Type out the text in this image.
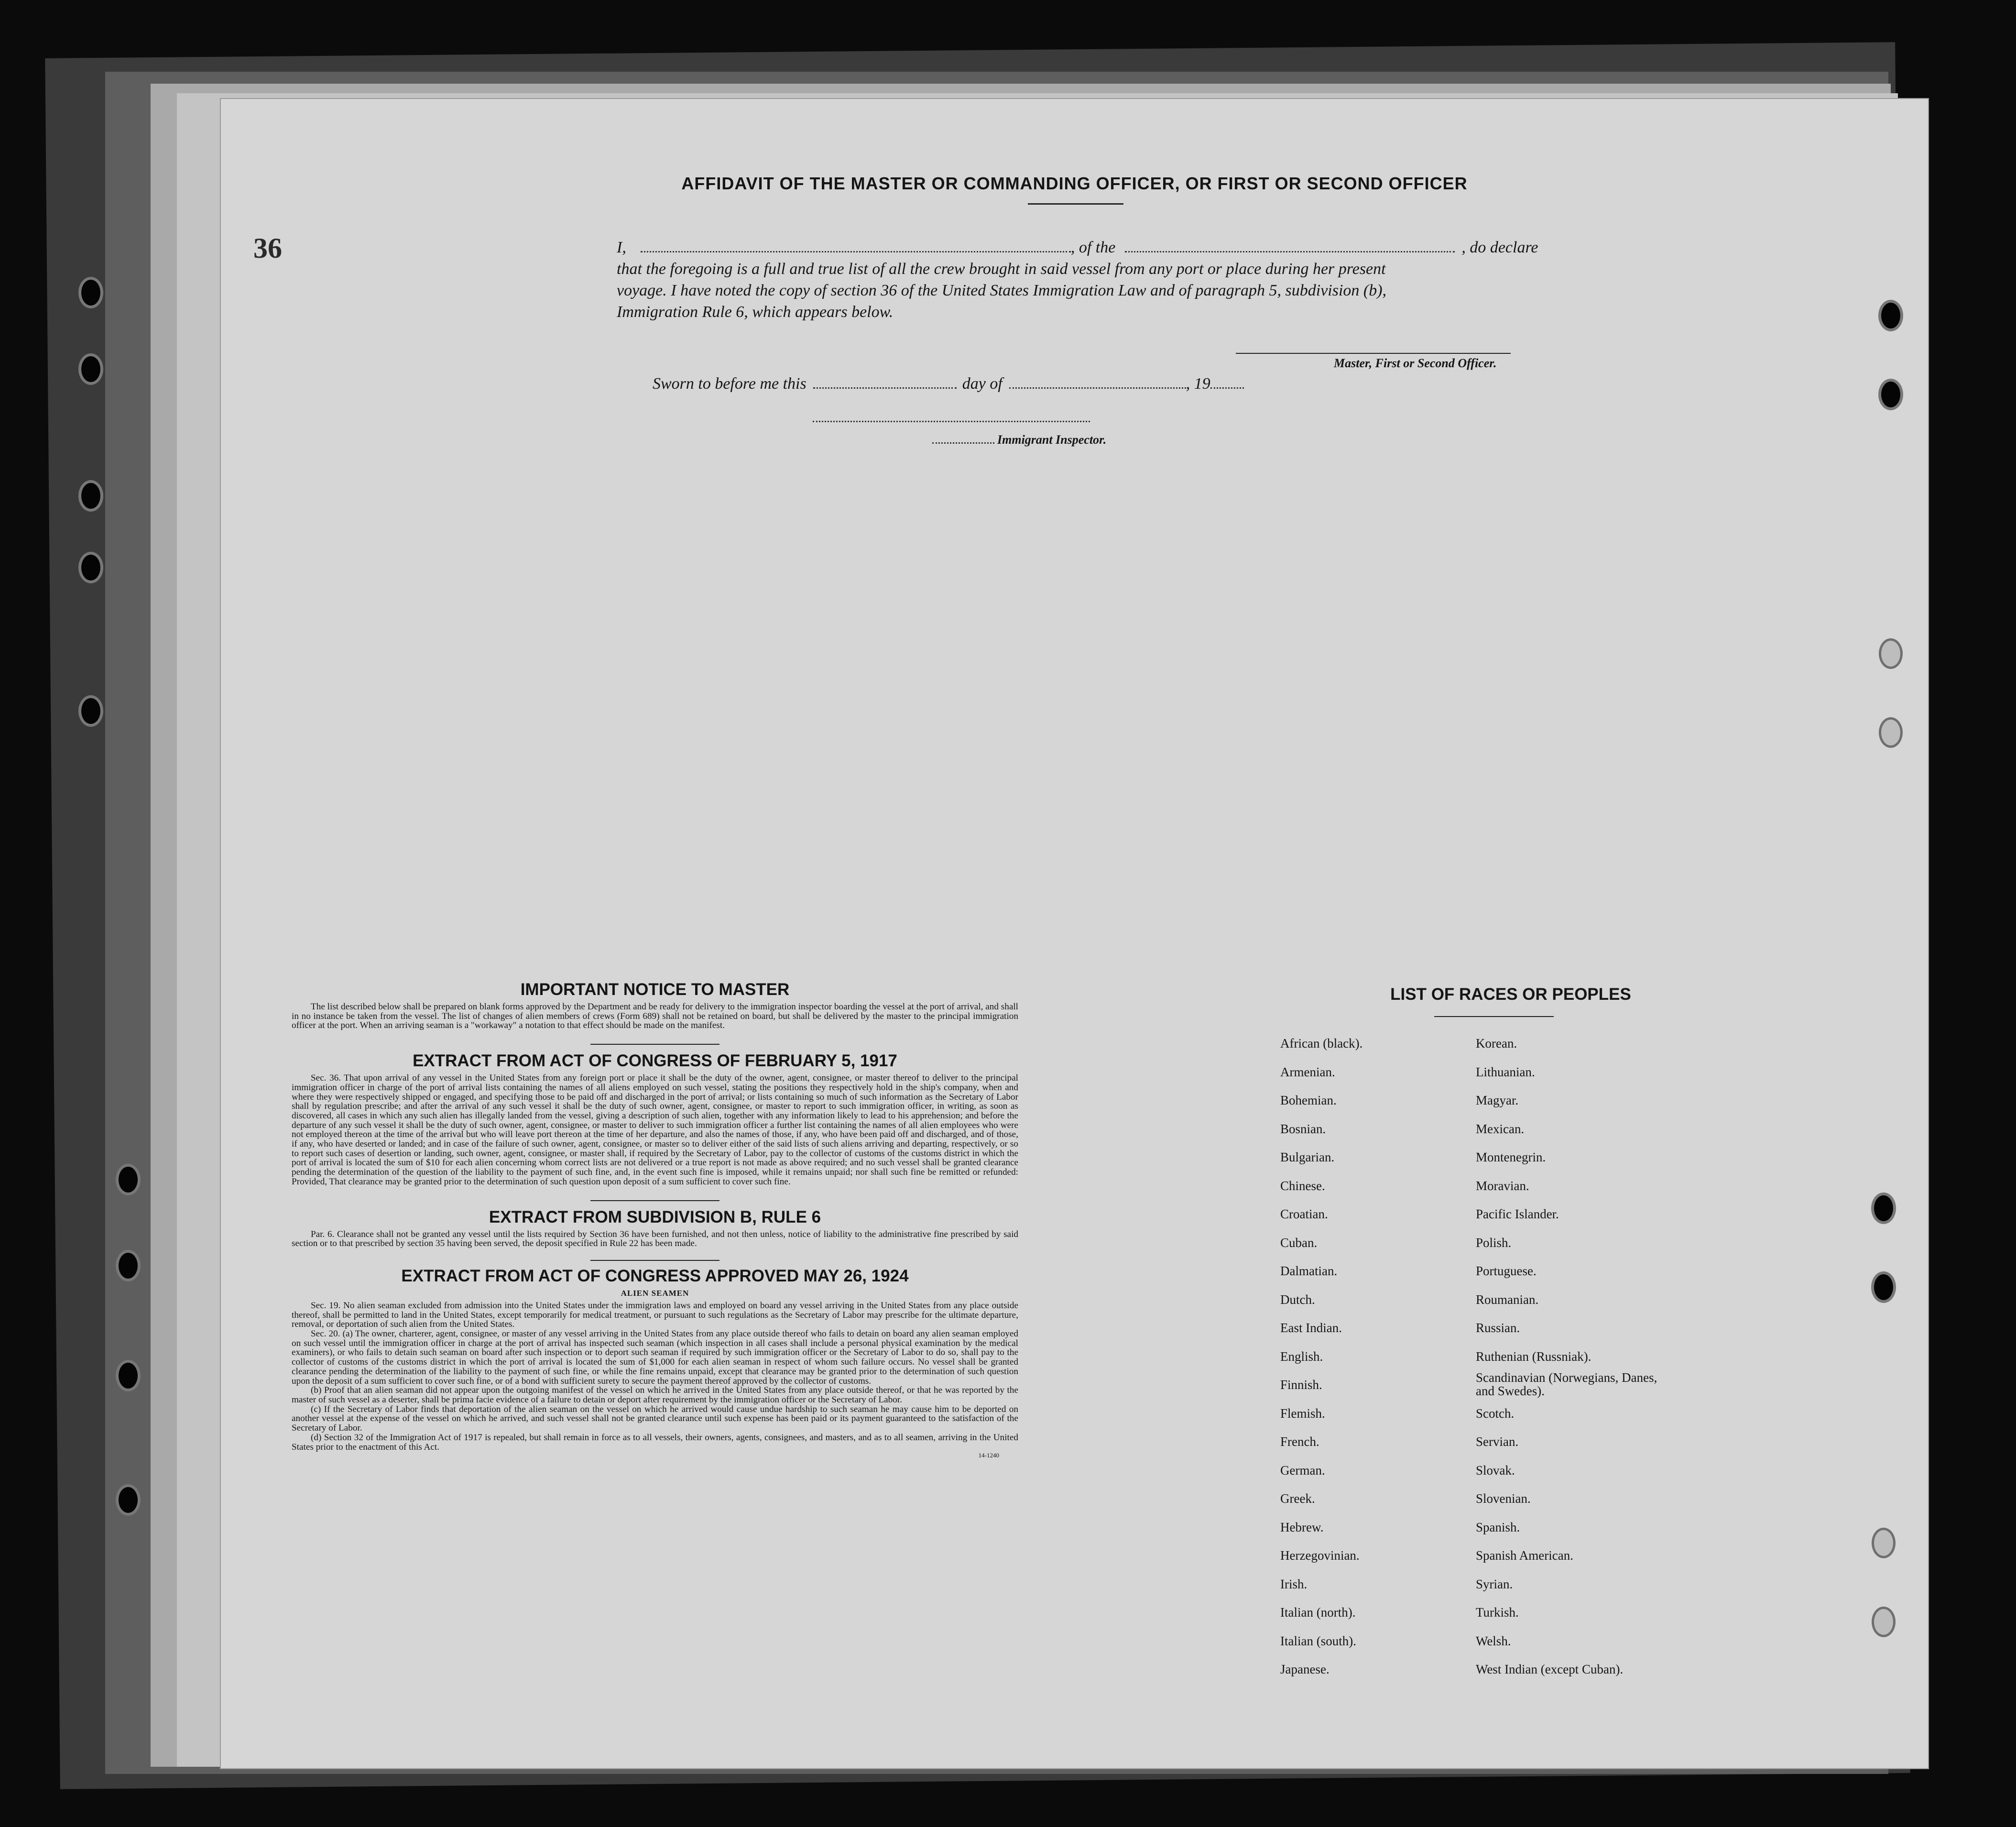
36
AFFIDAVIT OF THE MASTER OR COMMANDING OFFICER, OR FIRST OR SECOND OFFICER
I,	, of the	, do declare
that the foregoing is a full and true list of all the crew brought in said vessel from any port or place during her present
voyage. I have noted the copy of section 36 of the United States Immigration Law and of paragraph 5, subdivision (b),
Immigration Rule 6, which appears below.
Master, First or Second Officer.
Sworn to before me this	day of	, 19
Immigrant Inspector.
IMPORTANT NOTICE TO MASTER
The list described below shall be prepared on blank forms approved by the Department and be ready for delivery to the immigration inspector boarding the vessel at the port of arrival, and shall in no instance be taken from the vessel. The list of changes of alien members of crews (Form 689) shall not be retained on board, but shall be delivered by the master to the principal immigration officer at the port. When an arriving seaman is a "workaway" a notation to that effect should be made on the manifest.
EXTRACT FROM ACT OF CONGRESS OF FEBRUARY 5, 1917
Sec. 36. That upon arrival of any vessel in the United States from any foreign port or place it shall be the duty of the owner, agent, consignee, or master thereof to deliver to the principal immigration officer in charge of the port of arrival lists containing the names of all aliens employed on such vessel, stating the positions they respectively hold in the ship's company, when and where they were respectively shipped or engaged, and specifying those to be paid off and discharged in the port of arrival; or lists containing so much of such information as the Secretary of Labor shall by regulation prescribe; and after the arrival of any such vessel it shall be the duty of such owner, agent, consignee, or master to report to such immigration officer, in writing, as soon as discovered, all cases in which any such alien has illegally landed from the vessel, giving a description of such alien, together with any information likely to lead to his apprehension; and before the departure of any such vessel it shall be the duty of such owner, agent, consignee, or master to deliver to such immigration officer a further list containing the names of all alien employees who were not employed thereon at the time of the arrival but who will leave port thereon at the time of her departure, and also the names of those, if any, who have been paid off and discharged, and of those, if any, who have deserted or landed; and in case of the failure of such owner, agent, consignee, or master so to deliver either of the said lists of such aliens arriving and departing, respectively, or so to report such cases of desertion or landing, such owner, agent, consignee, or master shall, if required by the Secretary of Labor, pay to the collector of customs of the customs district in which the port of arrival is located the sum of $10 for each alien concerning whom correct lists are not delivered or a true report is not made as above required; and no such vessel shall be granted clearance pending the determination of the question of the liability to the payment of such fine, and, in the event such fine is imposed, while it remains unpaid; nor shall such fine be remitted or refunded: Provided, That clearance may be granted prior to the determination of such question upon deposit of a sum sufficient to cover such fine.
EXTRACT FROM SUBDIVISION B, RULE 6
Par. 6. Clearance shall not be granted any vessel until the lists required by Section 36 have been furnished, and not then unless, notice of liability to the administrative fine prescribed by said section or to that prescribed by section 35 having been served, the deposit specified in Rule 22 has been made.
EXTRACT FROM ACT OF CONGRESS APPROVED MAY 26, 1924
ALIEN SEAMEN
Sec. 19. No alien seaman excluded from admission into the United States under the immigration laws and employed on board any vessel arriving in the United States from any place outside thereof, shall be permitted to land in the United States, except temporarily for medical treatment, or pursuant to such regulations as the Secretary of Labor may prescribe for the ultimate departure, removal, or deportation of such alien from the United States.
Sec. 20. (a) The owner, charterer, agent, consignee, or master of any vessel arriving in the United States from any place outside thereof who fails to detain on board any alien seaman employed on such vessel until the immigration officer in charge at the port of arrival has inspected such seaman (which inspection in all cases shall include a personal physical examination by the medical examiners), or who fails to detain such seaman on board after such inspection or to deport such seaman if required by such immigration officer or the Secretary of Labor to do so, shall pay to the collector of customs of the customs district in which the port of arrival is located the sum of $1,000 for each alien seaman in respect of whom such failure occurs. No vessel shall be granted clearance pending the determination of the liability to the payment of such fine, or while the fine remains unpaid, except that clearance may be granted prior to the determination of such question upon the deposit of a sum sufficient to cover such fine, or of a bond with sufficient surety to secure the payment thereof approved by the collector of customs.
(b) Proof that an alien seaman did not appear upon the outgoing manifest of the vessel on which he arrived in the United States from any place outside thereof, or that he was reported by the master of such vessel as a deserter, shall be prima facie evidence of a failure to detain or deport after requirement by the immigration officer or the Secretary of Labor.
(c) If the Secretary of Labor finds that deportation of the alien seaman on the vessel on which he arrived would cause undue hardship to such seaman he may cause him to be deported on another vessel at the expense of the vessel on which he arrived, and such vessel shall not be granted clearance until such expense has been paid or its payment guaranteed to the satisfaction of the Secretary of Labor.
(d) Section 32 of the Immigration Act of 1917 is repealed, but shall remain in force as to all vessels, their owners, agents, consignees, and masters, and as to all seamen, arriving in the United States prior to the enactment of this Act.
14-1240
LIST OF RACES OR PEOPLES
African (black).
Armenian.
Bohemian.
Bosnian.
Bulgarian.
Chinese.
Croatian.
Cuban.
Dalmatian.
Dutch.
East Indian.
English.
Finnish.
Flemish.
French.
German.
Greek.
Hebrew.
Herzegovinian.
Irish.
Italian (north).
Italian (south).
Japanese.
Korean.
Lithuanian.
Magyar.
Mexican.
Montenegrin.
Moravian.
Pacific Islander.
Polish.
Portuguese.
Roumanian.
Russian.
Ruthenian (Russniak).
Scandinavian (Norwegians, Danes, and Swedes).
Scotch.
Servian.
Slovak.
Slovenian.
Spanish.
Spanish American.
Syrian.
Turkish.
Welsh.
West Indian (except Cuban).
